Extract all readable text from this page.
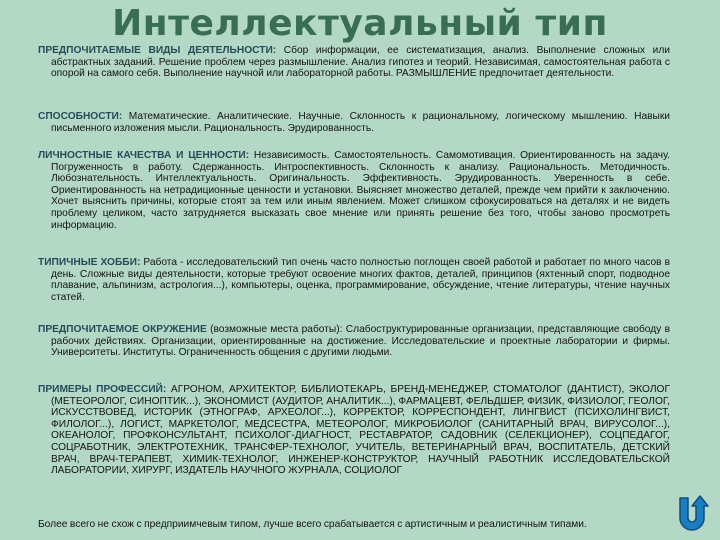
Интеллектуальный тип

ПРЕДПОЧИТАЕМЫЕ ВИДЫ ДЕЯТЕЛЬНОСТИ: Сбор информации, ее систематизация, анализ. Выполнение сложных или абстрактных заданий. Решение проблем через размышление. Анализ гипотез и теорий. Независимая, самостоятельная работа с опорой на самого себя. Выполнение научной или лабораторной работы. РАЗМЫШЛЕНИЕ предпочитает деятельности.

СПОСОБНОСТИ: Математические. Аналитические. Научные. Склонность к рациональному, логическому мышлению. Навыки письменного изложения мысли. Рациональность. Эрудированность.

ЛИЧНОСТНЫЕ КАЧЕСТВА И ЦЕННОСТИ: Независимость. Самостоятельность. Самомотивация. Ориентированность на задачу. Погруженность в работу. Сдержанность. Интроспективность. Склонность к анализу. Рациональность. Методичность. Любознательность. Интеллектуальность. Оригинальность. Эффективность. Эрудированность. Уверенность в себе. Ориентированность на нетрадиционные ценности и установки. Выясняет множество деталей, прежде чем прийти к заключению. Хочет выяснить причины, которые стоят за тем или иным явлением. Может слишком сфокусироваться на деталях и не видеть проблему целиком, часто затрудняется высказать свое мнение или принять решение без того, чтобы заново просмотреть информацию.

ТИПИЧНЫЕ ХОББИ: Работа - исследовательский тип очень часто полностью поглощен своей работой и работает по много часов в день. Сложные виды деятельности, которые требуют освоение многих фактов, деталей, принципов (яхтенный спорт, подводное плавание, альпинизм, астрология...), компьютеры, оценка, программирование, обсуждение, чтение литературы, чтение научных статей.

ПРЕДПОЧИТАЕМОЕ ОКРУЖЕНИЕ (возможные места работы): Слабоструктурированные организации, представляющие свободу в рабочих действиях. Организации, ориентированные на достижение. Исследовательские и проектные лаборатории и фирмы. Университеты. Институты. Ограниченность общения с другими людьми.

ПРИМЕРЫ ПРОФЕССИЙ: АГРОНОМ, АРХИТЕКТОР, БИБЛИОТЕКАРЬ, БРЕНД-МЕНЕДЖЕР, СТОМАТОЛОГ (ДАНТИСТ), ЭКОЛОГ (МЕТЕОРОЛОГ, СИНОПТИК...), ЭКОНОМИСТ (АУДИТОР, АНАЛИТИК...), ФАРМАЦЕВТ, ФЕЛЬДШЕР, ФИЗИК, ФИЗИОЛОГ, ГЕОЛОГ, ИСКУССТВОВЕД, ИСТОРИК (ЭТНОГРАФ, АРХЕОЛОГ...), КОРРЕКТОР, КОРРЕСПОНДЕНТ, ЛИНГВИСТ (ПСИХОЛИНГВИСТ, ФИЛОЛОГ...), ЛОГИСТ, МАРКЕТОЛОГ, МЕДСЕСТРА, МЕТЕОРОЛОГ, МИКРОБИОЛОГ (САНИТАРНЫЙ ВРАЧ, ВИРУСОЛОГ...), ОКЕАНОЛОГ, ПРОФКОНСУЛЬТАНТ, ПСИХОЛОГ-ДИАГНОСТ, РЕСТАВРАТОР, САДОВНИК (СЕЛЕКЦИОНЕР), СОЦПЕДАГОГ, СОЦРАБОТНИК, ЭЛЕКТРОТЕХНИК, ТРАНСФЕР-ТЕХНОЛОГ, УЧИТЕЛЬ, ВЕТЕРИНАРНЫЙ ВРАЧ, ВОСПИТАТЕЛЬ, ДЕТСКИЙ ВРАЧ, ВРАЧ-ТЕРАПЕВТ, ХИМИК-ТЕХНОЛОГ, ИНЖЕНЕР-КОНСТРУКТОР, НАУЧНЫЙ РАБОТНИК ИССЛЕДОВАТЕЛЬСКОЙ ЛАБОРАТОРИИ, ХИРУРГ, ИЗДАТЕЛЬ НАУЧНОГО ЖУРНАЛА, СОЦИОЛОГ

Более всего не схож с предприимчевым типом, лучше всего срабатывается с артистичным и реалистичным типами.
